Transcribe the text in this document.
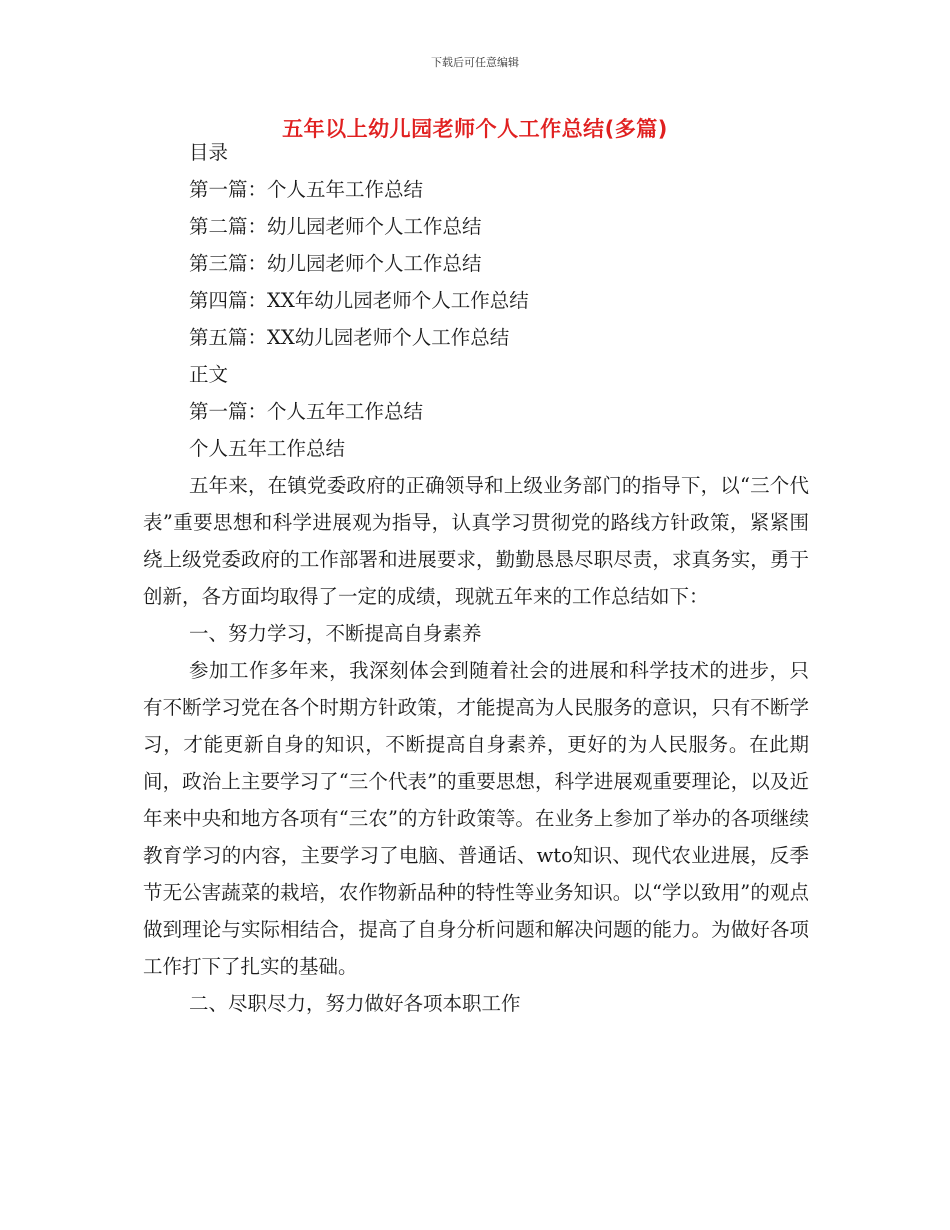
下载后可任意编辑
五年以上幼儿园老师个人工作总结(多篇)

目录

第一篇：个人五年工作总结

第二篇：幼儿园老师个人工作总结

第三篇：幼儿园老师个人工作总结

第四篇：XX年幼儿园老师个人工作总结

第五篇：XX幼儿园老师个人工作总结

正文

第一篇：个人五年工作总结

个人五年工作总结

五年来，在镇党委政府的正确领导和上级业务部门的指导下，以“三个代表”重要思想和科学进展观为指导，认真学习贯彻党的路线方针政策，紧紧围绕上级党委政府的工作部署和进展要求，勤勤恳恳尽职尽责，求真务实，勇于创新，各方面均取得了一定的成绩，现就五年来的工作总结如下：

一、努力学习，不断提高自身素养

参加工作多年来，我深刻体会到随着社会的进展和科学技术的进步，只有不断学习党在各个时期方针政策，才能提高为人民服务的意识，只有不断学习，才能更新自身的知识，不断提高自身素养，更好的为人民服务。在此期间，政治上主要学习了“三个代表”的重要思想，科学进展观重要理论，以及近年来中央和地方各项有“三农”的方针政策等。在业务上参加了举办的各项继续教育学习的内容，主要学习了电脑、普通话、wto知识、现代农业进展，反季节无公害蔬菜的栽培，农作物新品种的特性等业务知识。以“学以致用”的观点做到理论与实际相结合，提高了自身分析问题和解决问题的能力。为做好各项工作打下了扎实的基础。

二、尽职尽力，努力做好各项本职工作
